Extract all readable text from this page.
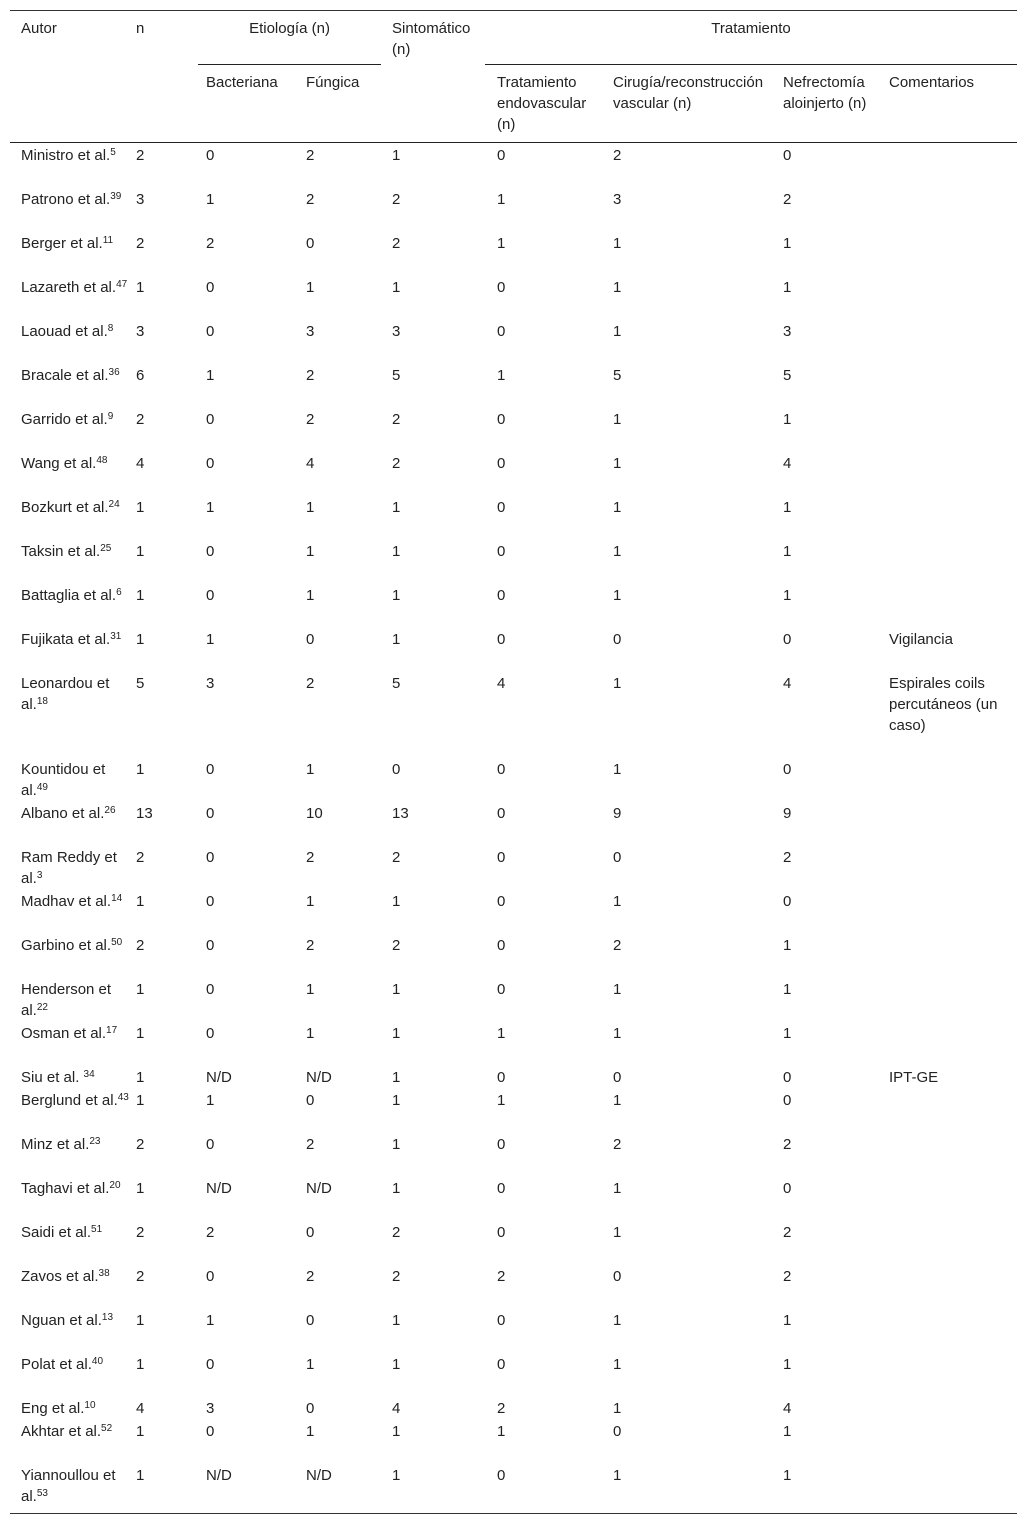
Autor	n	Etiología (n)		Sintomático (n)	Tratamiento			
		Bacteriana	Fúngica		Tratamiento endovascular (n)	Cirugía/reconstrucción vascular (n)	Nefrectomía aloinjerto (n)	Comentarios
Ministro et al.$^5$	2	0	2	1	0	2	0	
Patrono et al.$^{39}$	3	1	2	2	1	3	2	
Berger et al.$^{11}$	2	2	0	2	1	1	1	
Lazareth et al.$^{47}$	1	0	1	1	0	1	1	
Laouad et al.$^8$	3	0	3	3	0	1	3	
Bracale et al.$^{36}$	6	1	2	5	1	5	5	
Garrido et al.$^9$	2	0	2	2	0	1	1	
Wang et al.$^{48}$	4	0	4	2	0	1	4	
Bozkurt et al.$^{24}$	1	1	1	1	0	1	1	
Taksin et al.$^{25}$	1	0	1	1	0	1	1	
Battaglia et al.$^6$	1	0	1	1	0	1	1	
Fujikata et al.$^{31}$	1	1	0	1	0	0	0	Vigilancia
Leonardou et al.$^{18}$	5	3	2	5	4	1	4	Espirales coils percutáneos (un caso)
Kountidou et al.$^{49}$	1	0	1	0	0	1	0	
Albano et al.$^{26}$	13	0	10	13	0	9	9	
Ram Reddy et al.$^3$	2	0	2	2	0	0	2	
Madhav et al.$^{14}$	1	0	1	1	0	1	0	
Garbino et al.$^{50}$	2	0	2	2	0	2	1	
Henderson et al.$^{22}$	1	0	1	1	0	1	1	
Osman et al.$^{17}$	1	0	1	1	1	1	1	
Siu et al. $^{34}$	1	N/D	N/D	1	0	0	0	IPT-GE
Berglund et al.$^{43}$	1	1	0	1	1	1	0	
Minz et al.$^{23}$	2	0	2	1	0	2	2	
Taghavi et al.$^{20}$	1	N/D	N/D	1	0	1	0	
Saidi et al.$^{51}$	2	2	0	2	0	1	2	
Zavos et al.$^{38}$	2	0	2	2	2	0	2	
Nguan et al.$^{13}$	1	1	0	1	0	1	1	
Polat et al.$^{40}$	1	0	1	1	0	1	1	
Eng et al.$^{10}$	4	3	0	4	2	1	4	
Akhtar et al.$^{52}$	1	0	1	1	1	0	1	
Yiannoullou et al.$^{53}$	1	N/D	N/D	1	0	1	1	
